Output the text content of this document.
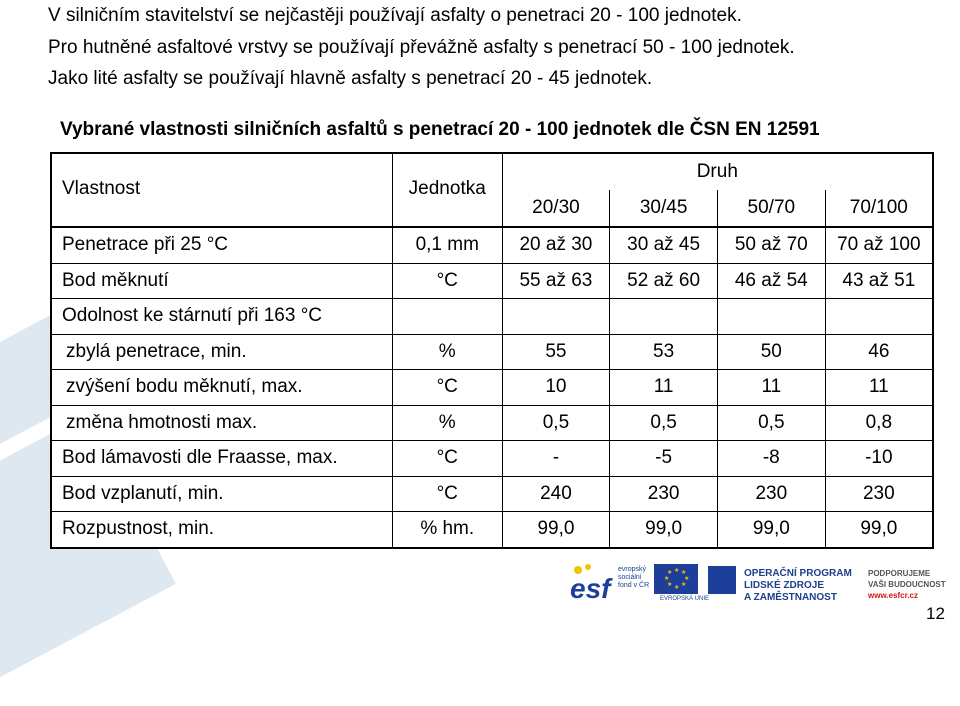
V silničním stavitelství se nejčastěji používají asfalty o penetraci 20 - 100 jednotek.
Pro hutněné asfaltové vrstvy se používají převážně asfalty s penetrací 50 - 100 jednotek.
Jako lité asfalty se používají hlavně asfalty s penetrací 20 - 45 jednotek.
Vybrané vlastnosti silničních asfaltů s penetrací 20 - 100 jednotek dle ČSN EN 12591
Vlastnost	Jednotka	Druh			
		20/30	30/45	50/70	70/100
Penetrace při 25 °C	0,1 mm	20 až 30	30 až 45	50 až 70	70 až 100
Bod měknutí	°C	55 až 63	52 až 60	46 až 54	43 až 51
Odolnost ke stárnutí při 163 °C					
zbylá penetrace, min.	%	55	53	50	46
zvýšení bodu měknutí, max.	°C	10	11	11	11
změna hmotnosti max.	%	0,5	0,5	0,5	0,8
Bod lámavosti dle Fraasse, max.	°C	-	-5	-8	-10
Bod vzplanutí, min.	°C	240	230	230	230
Rozpustnost, min.	% hm.	99,0	99,0	99,0	99,0
esf
evropský
sociální
fond v ČR
★ ★
★
★
★
★
★
★
EVROPSKÁ UNIE
OPERAČNÍ PROGRAM
LIDSKÉ ZDROJE
A ZAMĚSTNANOST
PODPORUJEME
VAŠI BUDOUCNOST
www.esfcr.cz
12
